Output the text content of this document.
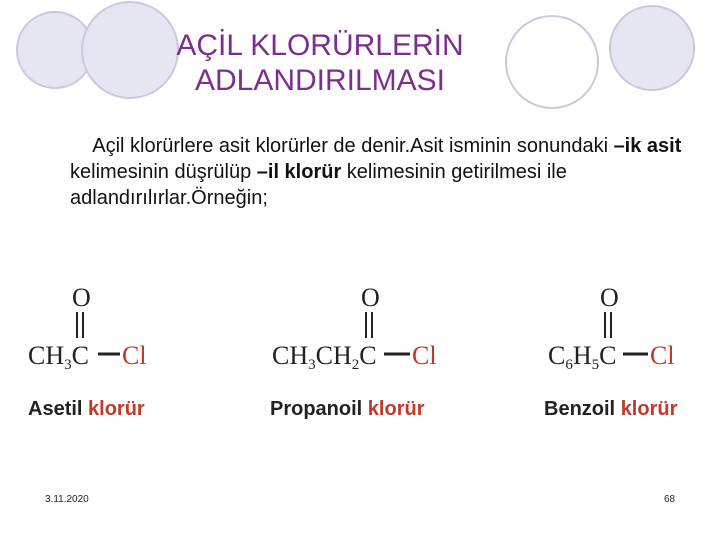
AÇİL KLORÜRLERİN
ADLANDIRILMASI
Açil klorürlere asit klorürler de denir.Asit isminin sonundaki –ik asit kelimesinin düşrülüp –il klorür kelimesinin getirilmesi ile adlandırılırlar.Örneğin;
O
CH3C Cl
Asetil klorür
O
CH3CH2C Cl
Propanoil klorür
O
C6H5C Cl
Benzoil klorür
3.11.2020	68
